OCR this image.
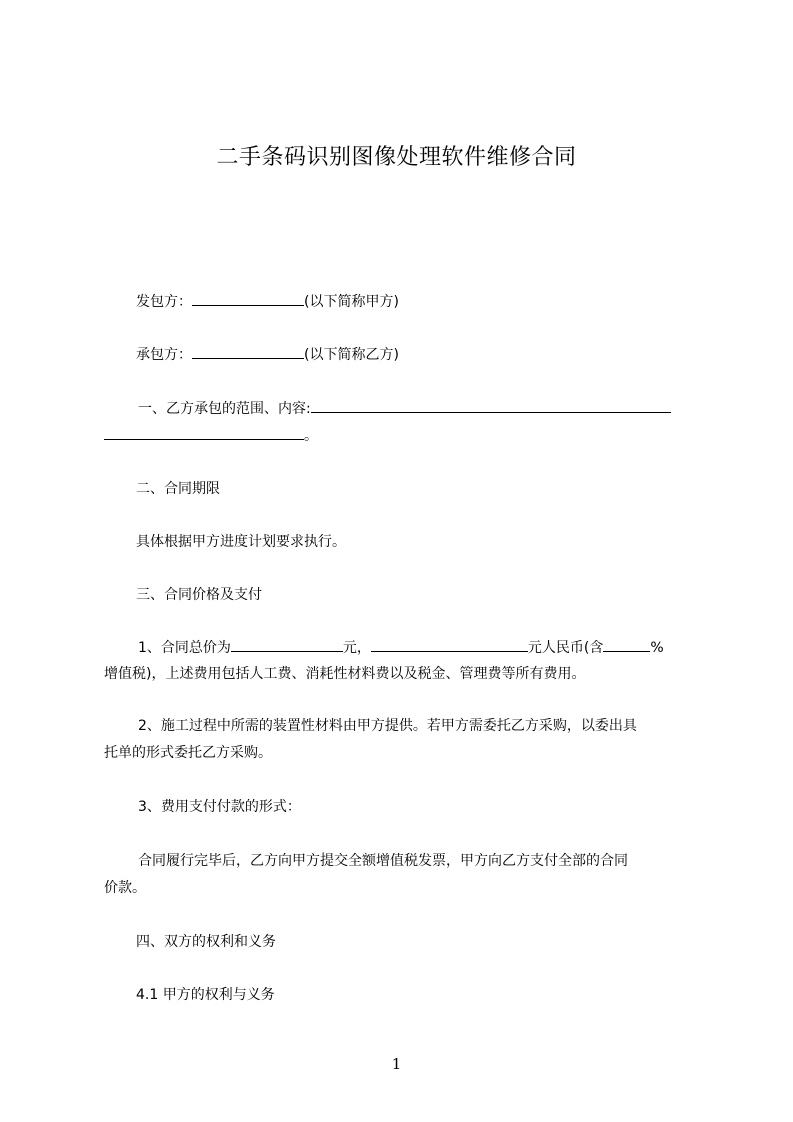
二手条码识别图像处理软件维修合同
发包方：	(以下简称甲方)
承包方：	(以下简称乙方)
一、乙方承包的范围、内容:
。
二、合同期限
具体根据甲方进度计划要求执行。
三、合同价格及支付
1、合同总价为	元，	元人民币(含	%
增值税)，上述费用包括人工费、消耗性材料费以及税金、管理费等所有费用。
2、施工过程中所需的装置性材料由甲方提供。若甲方需委托乙方采购，以委出具
托单的形式委托乙方采购。
3、费用支付付款的形式：
合同履行完毕后，乙方向甲方提交全额增值税发票，甲方向乙方支付全部的合同
价款。
四、双方的权利和义务
4.1 甲方的权利与义务
1
